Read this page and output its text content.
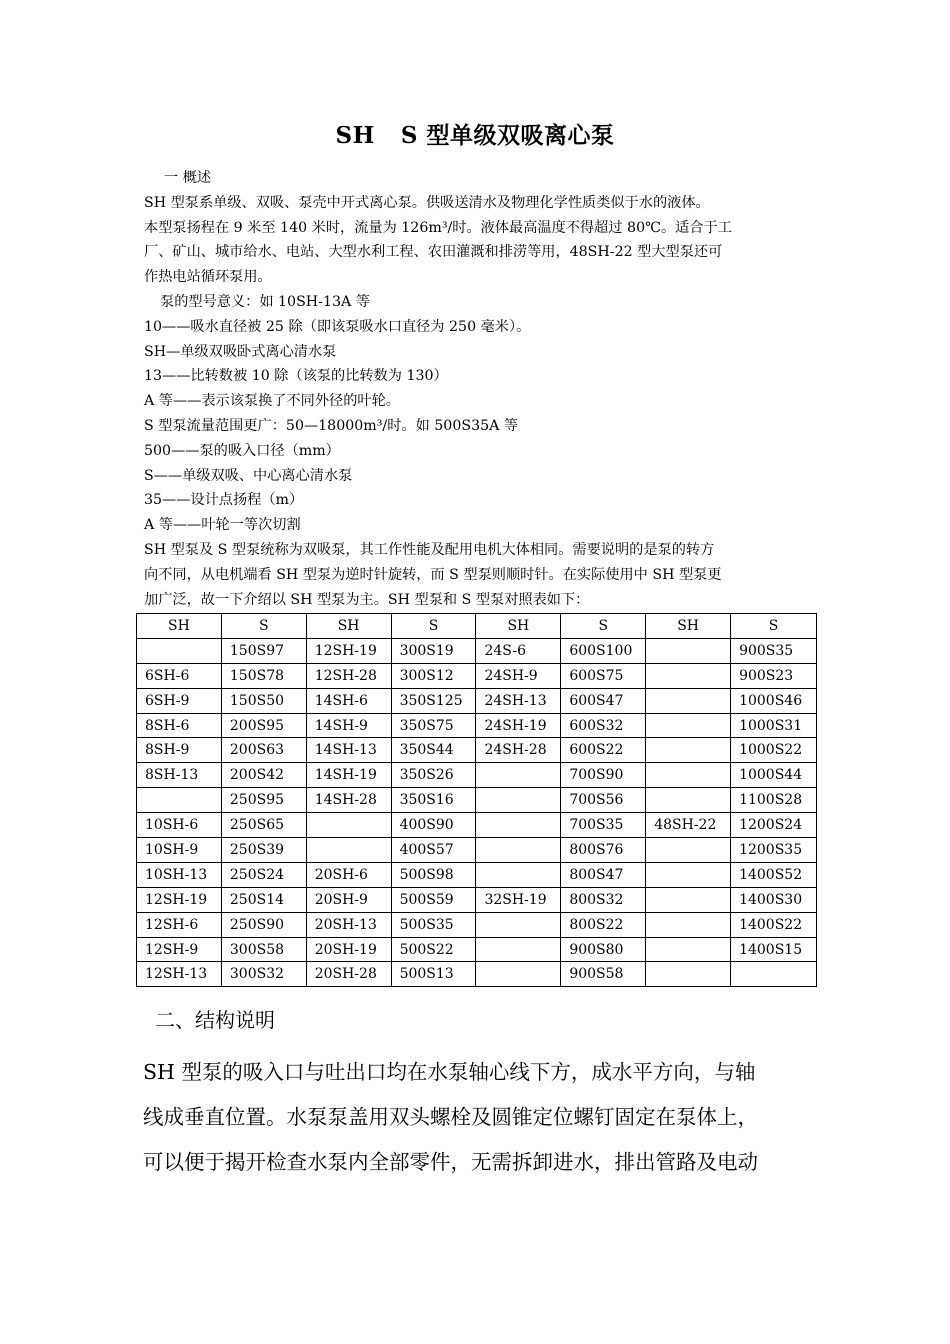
SH S 型单级双吸离心泵

一 概述

SH 型泵系单级、双吸、泵壳中开式离心泵。供吸送清水及物理化学性质类似于水的液体。

本型泵扬程在 9 米至 140 米时，流量为 126m³/时。液体最高温度不得超过 80℃。适合于工

厂、矿山、城市给水、电站、大型水利工程、农田灌溉和排涝等用，48SH-22 型大型泵还可

作热电站循环泵用。

泵的型号意义：如 10SH-13A 等

10——吸水直径被 25 除（即该泵吸水口直径为 250 毫米）。

SH—单级双吸卧式离心清水泵

13——比转数被 10 除（该泵的比转数为 130）

A 等——表示该泵换了不同外径的叶轮。

S 型泵流量范围更广：50—18000m³/时。如 500S35A 等

500——泵的吸入口径（mm）

S——单级双吸、中心离心清水泵

35——设计点扬程（m）

A 等——叶轮一等次切割

SH 型泵及 S 型泵统称为双吸泵，其工作性能及配用电机大体相同。需要说明的是泵的转方

向不同，从电机端看 SH 型泵为逆时针旋转，而 S 型泵则顺时针。在实际使用中 SH 型泵更

加广泛，故一下介绍以 SH 型泵为主。SH 型泵和 S 型泵对照表如下：

SH	S	SH	S	SH	S	SH	S
	150S97	12SH-19	300S19	24S-6	600S100		900S35
6SH-6	150S78	12SH-28	300S12	24SH-9	600S75		900S23
6SH-9	150S50	14SH-6	350S125	24SH-13	600S47		1000S46
8SH-6	200S95	14SH-9	350S75	24SH-19	600S32		1000S31
8SH-9	200S63	14SH-13	350S44	24SH-28	600S22		1000S22
8SH-13	200S42	14SH-19	350S26		700S90		1000S44
	250S95	14SH-28	350S16		700S56		1100S28
10SH-6	250S65		400S90		700S35	48SH-22	1200S24
10SH-9	250S39		400S57		800S76		1200S35
10SH-13	250S24	20SH-6	500S98		800S47		1400S52
12SH-19	250S14	20SH-9	500S59	32SH-19	800S32		1400S30
12SH-6	250S90	20SH-13	500S35		800S22		1400S22
12SH-9	300S58	20SH-19	500S22		900S80		1400S15
12SH-13	300S32	20SH-28	500S13		900S58		
二、结构说明

SH 型泵的吸入口与吐出口均在水泵轴心线下方，成水平方向，与轴

线成垂直位置。水泵泵盖用双头螺栓及圆锥定位螺钉固定在泵体上，

可以便于揭开检查水泵内全部零件，无需拆卸进水，排出管路及电动
